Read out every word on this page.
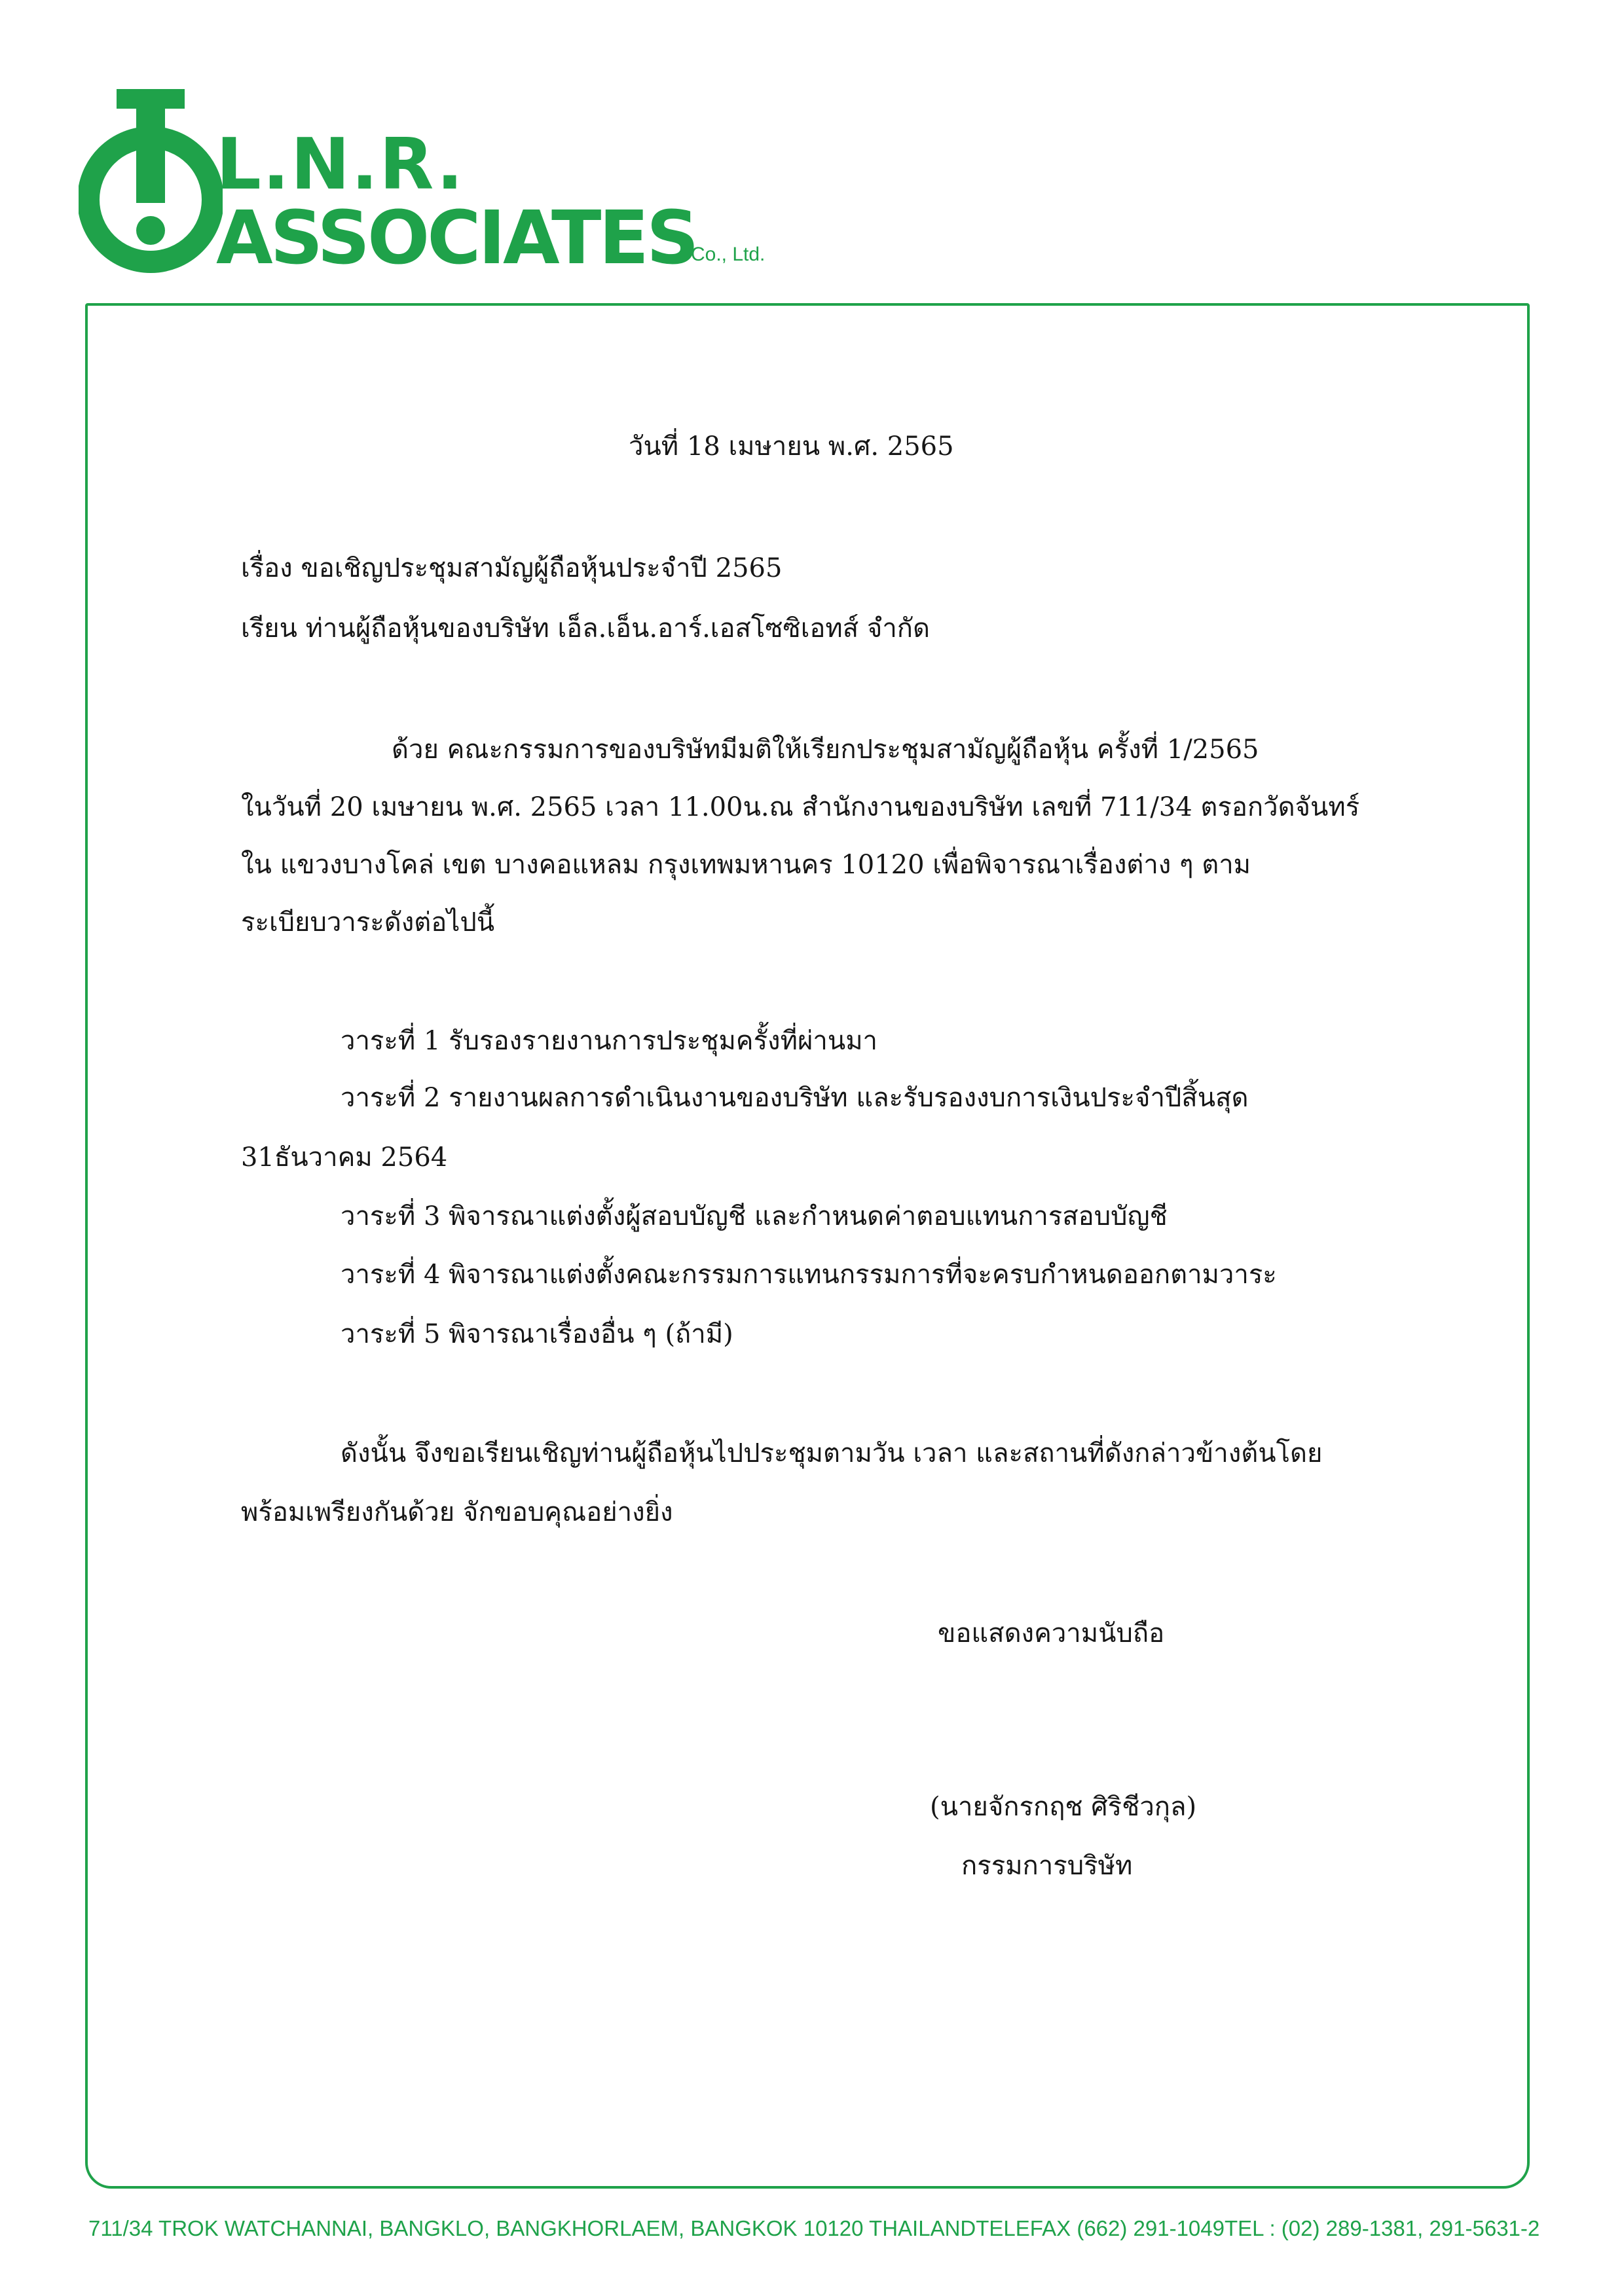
L.N.R.
ASSOCIATES
Co., Ltd.
วันที่ 18 เมษายน พ.ศ. 2565
เรื่อง ขอเชิญประชุมสามัญผู้ถือหุ้นประจำปี 2565
เรียน ท่านผู้ถือหุ้นของบริษัท เอ็ล.เอ็น.อาร์.เอสโซซิเอทส์ จำกัด
ด้วย คณะกรรมการของบริษัทมีมติให้เรียกประชุมสามัญผู้ถือหุ้น ครั้งที่ 1/2565
ในวันที่ 20 เมษายน พ.ศ. 2565 เวลา 11.00น.ณ สำนักงานของบริษัท เลขที่ 711/34 ตรอกวัดจันทร์
ใน แขวงบางโคล่ เขต บางคอแหลม กรุงเทพมหานคร 10120 เพื่อพิจารณาเรื่องต่าง ๆ ตาม
ระเบียบวาระดังต่อไปนี้
วาระที่ 1 รับรองรายงานการประชุมครั้งที่ผ่านมา
วาระที่ 2 รายงานผลการดำเนินงานของบริษัท และรับรองงบการเงินประจำปีสิ้นสุด
31ธันวาคม 2564
วาระที่ 3 พิจารณาแต่งตั้งผู้สอบบัญชี และกำหนดค่าตอบแทนการสอบบัญชี
วาระที่ 4 พิจารณาแต่งตั้งคณะกรรมการแทนกรรมการที่จะครบกำหนดออกตามวาระ
วาระที่ 5 พิจารณาเรื่องอื่น ๆ (ถ้ามี)
ดังนั้น จึงขอเรียนเชิญท่านผู้ถือหุ้นไปประชุมตามวัน เวลา และสถานที่ดังกล่าวข้างต้นโดย
พร้อมเพรียงกันด้วย จักขอบคุณอย่างยิ่ง
ขอแสดงความนับถือ
(นายจักรกฤช ศิริชีวกุล)
กรรมการบริษัท
711/34 TROK WATCHANNAI, BANGKLO, BANGKHORLAEM, BANGKOK 10120 THAILAND TELEFAX (662) 291-1049 TEL : (02) 289-1381, 291-5631-2
